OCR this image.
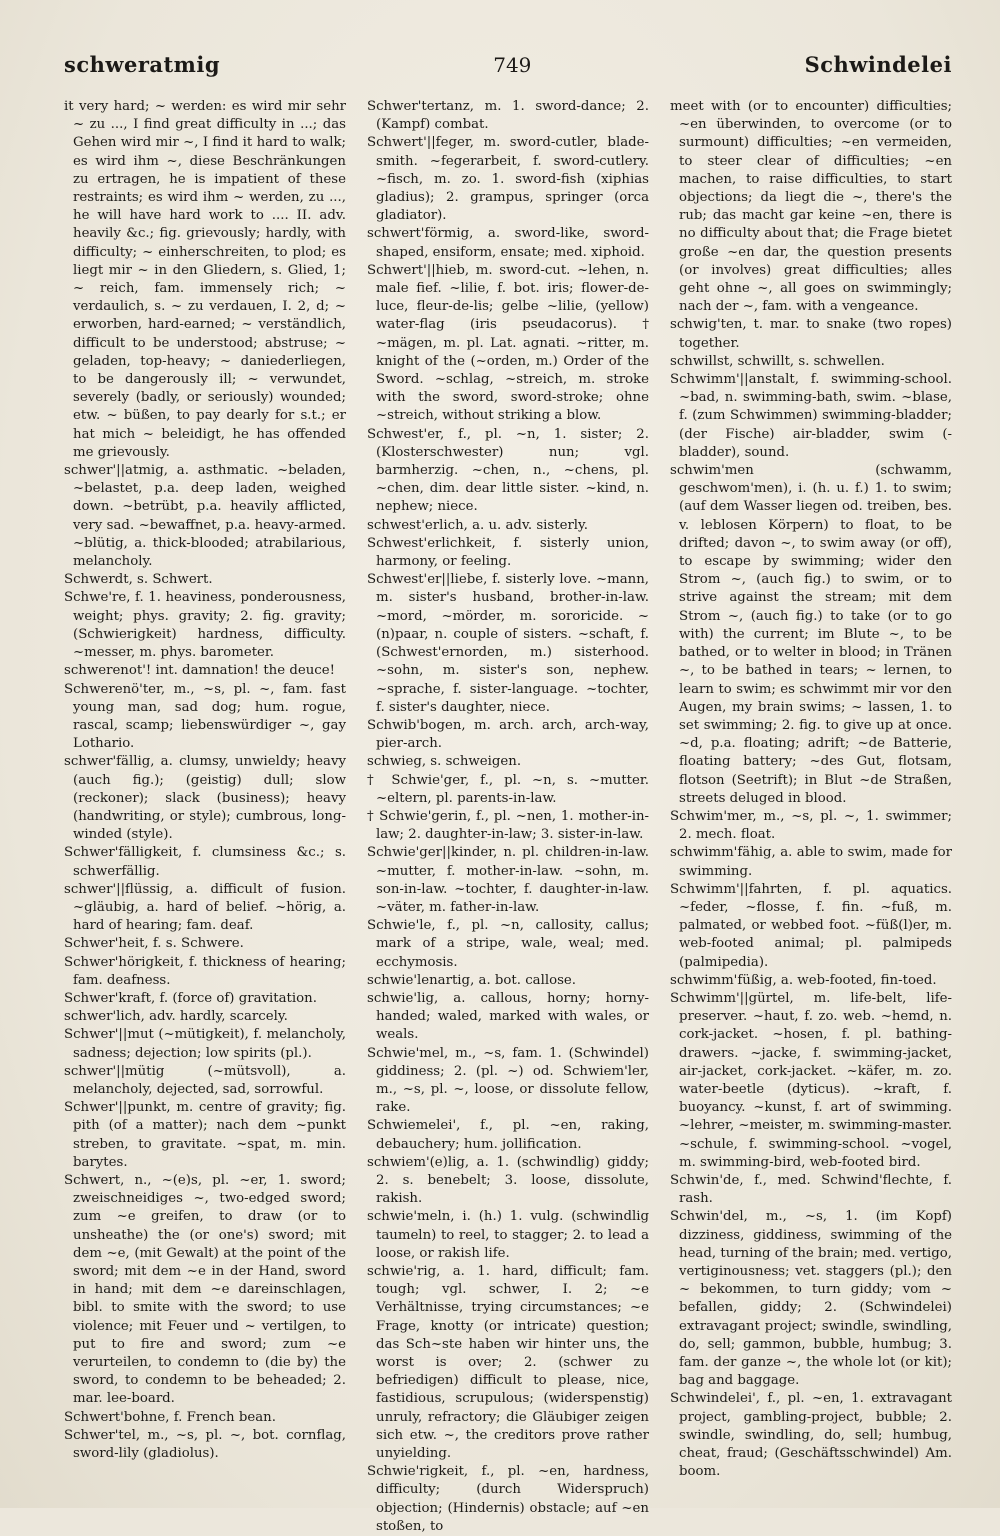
schweratmig	749	Schwindelei

it very hard; ~ werden: es wird mir sehr ~ zu ..., I find great difficulty in ...; das Gehen wird mir ~, I find it hard to walk; es wird ihm ~, diese Beschränkungen zu ertragen, he is impatient of these restraints; es wird ihm ~ werden, zu ..., he will have hard work to .... II. adv. heavily &c.; fig. grievously; hardly, with difficulty; ~ einherschreiten, to plod; es liegt mir ~ in den Gliedern, s. Glied, 1; ~ reich, fam. immensely rich; ~ verdaulich, s. ~ zu verdauen, I. 2, d; ~ erworben, hard-earned; ~ verständlich, difficult to be understood; abstruse; ~ geladen, top-heavy; ~ daniederliegen, to be dangerously ill; ~ verwundet, severely (badly, or seriously) wounded; etw. ~ büßen, to pay dearly for s.t.; er hat mich ~ beleidigt, he has offended me grievously.

schwer'||atmig, a. asthmatic. ~beladen, ~belastet, p.a. deep laden, weighed down. ~betrübt, p.a. heavily afflicted, very sad. ~bewaffnet, p.a. heavy-armed. ~blütig, a. thick-blooded; atrabilarious, melancholy.

Schwerdt, s. Schwert.

Schwe're, f. 1. heaviness, ponderousness, weight; phys. gravity; 2. fig. gravity; (Schwierigkeit) hardness, difficulty. ~messer, m. phys. barometer.

schwerenot'! int. damnation! the deuce!

Schwerenö'ter, m., ~s, pl. ~, fam. fast young man, sad dog; hum. rogue, rascal, scamp; liebenswürdiger ~, gay Lothario.

schwer'fällig, a. clumsy, unwieldy; heavy (auch fig.); (geistig) dull; slow (reckoner); slack (business); heavy (handwriting, or style); cumbrous, long-winded (style).

Schwer'fälligkeit, f. clumsiness &c.; s. schwerfällig.

schwer'||flüssig, a. difficult of fusion. ~gläubig, a. hard of belief. ~hörig, a. hard of hearing; fam. deaf.

Schwer'heit, f. s. Schwere.

Schwer'hörigkeit, f. thickness of hearing; fam. deafness.

Schwer'kraft, f. (force of) gravitation.

schwer'lich, adv. hardly, scarcely.

Schwer'||mut (~mütigkeit), f. melancholy, sadness; dejection; low spirits (pl.).

schwer'||mütig (~mütsvoll), a. melancholy, dejected, sad, sorrowful.

Schwer'||punkt, m. centre of gravity; fig. pith (of a matter); nach dem ~punkt streben, to gravitate. ~spat, m. min. barytes.

Schwert, n., ~(e)s, pl. ~er, 1. sword; zweischneidiges ~, two-edged sword; zum ~e greifen, to draw (or to unsheathe) the (or one's) sword; mit dem ~e, (mit Gewalt) at the point of the sword; mit dem ~e in der Hand, sword in hand; mit dem ~e dareinschlagen, bibl. to smite with the sword; to use violence; mit Feuer und ~ vertilgen, to put to fire and sword; zum ~e verurteilen, to condemn to (die by) the sword, to condemn to be beheaded; 2. mar. lee-board.

Schwert'bohne, f. French bean.

Schwer'tel, m., ~s, pl. ~, bot. cornflag, sword-lily (gladiolus).

Schwer'tertanz, m. 1. sword-dance; 2. (Kampf) combat.

Schwert'||feger, m. sword-cutler, blade-smith. ~fegerarbeit, f. sword-cutlery. ~fisch, m. zo. 1. sword-fish (xiphias gladius); 2. grampus, springer (orca gladiator).

schwert'förmig, a. sword-like, sword-shaped, ensiform, ensate; med. xiphoid.

Schwert'||hieb, m. sword-cut. ~lehen, n. male fief. ~lilie, f. bot. iris; flower-de-luce, fleur-de-lis; gelbe ~lilie, (yellow) water-flag (iris pseudacorus). † ~mägen, m. pl. Lat. agnati. ~ritter, m. knight of the (~orden, m.) Order of the Sword. ~schlag, ~streich, m. stroke with the sword, sword-stroke; ohne ~streich, without striking a blow.

Schwest'er, f., pl. ~n, 1. sister; 2. (Klosterschwester) nun; vgl. barmherzig. ~chen, n., ~chens, pl. ~chen, dim. dear little sister. ~kind, n. nephew; niece.

schwest'erlich, a. u. adv. sisterly.

Schwest'erlichkeit, f. sisterly union, harmony, or feeling.

Schwest'er||liebe, f. sisterly love. ~mann, m. sister's husband, brother-in-law. ~mord, ~mörder, m. sororicide. ~(n)paar, n. couple of sisters. ~schaft, f. (Schwest'ernorden, m.) sisterhood. ~sohn, m. sister's son, nephew. ~sprache, f. sister-language. ~tochter, f. sister's daughter, niece.

Schwib'bogen, m. arch. arch, arch-way, pier-arch.

schwieg, s. schweigen.

† Schwie'ger, f., pl. ~n, s. ~mutter. ~eltern, pl. parents-in-law.

† Schwie'gerin, f., pl. ~nen, 1. mother-in-law; 2. daughter-in-law; 3. sister-in-law.

Schwie'ger||kinder, n. pl. children-in-law. ~mutter, f. mother-in-law. ~sohn, m. son-in-law. ~tochter, f. daughter-in-law. ~väter, m. father-in-law.

Schwie'le, f., pl. ~n, callosity, callus; mark of a stripe, wale, weal; med. ecchymosis.

schwie'lenartig, a. bot. callose.

schwie'lig, a. callous, horny; horny-handed; waled, marked with wales, or weals.

Schwie'mel, m., ~s, fam. 1. (Schwindel) giddiness; 2. (pl. ~) od. Schwiem'ler, m., ~s, pl. ~, loose, or dissolute fellow, rake.

Schwiemelei', f., pl. ~en, raking, debauchery; hum. jollification.

schwiem'(e)lig, a. 1. (schwindlig) giddy; 2. s. benebelt; 3. loose, dissolute, rakish.

schwie'meln, i. (h.) 1. vulg. (schwindlig taumeln) to reel, to stagger; 2. to lead a loose, or rakish life.

schwie'rig, a. 1. hard, difficult; fam. tough; vgl. schwer, I. 2; ~e Verhältnisse, trying circumstances; ~e Frage, knotty (or intricate) question; das Sch~ste haben wir hinter uns, the worst is over; 2. (schwer zu befriedigen) difficult to please, nice, fastidious, scrupulous; (widerspenstig) unruly, refractory; die Gläubiger zeigen sich etw. ~, the creditors prove rather unyielding.

Schwie'rigkeit, f., pl. ~en, hardness, difficulty; (durch Widerspruch) objection; (Hindernis) obstacle; auf ~en stoßen, to

meet with (or to encounter) difficulties; ~en überwinden, to overcome (or to surmount) difficulties; ~en vermeiden, to steer clear of difficulties; ~en machen, to raise difficulties, to start objections; da liegt die ~, there's the rub; das macht gar keine ~en, there is no difficulty about that; die Frage bietet große ~en dar, the question presents (or involves) great difficulties; alles geht ohne ~, all goes on swimmingly; nach der ~, fam. with a vengeance.

schwig'ten, t. mar. to snake (two ropes) together.

schwillst, schwillt, s. schwellen.

Schwimm'||anstalt, f. swimming-school. ~bad, n. swimming-bath, swim. ~blase, f. (zum Schwimmen) swimming-bladder; (der Fische) air-bladder, swim (-bladder), sound.

schwim'men (schwamm, geschwom'men), i. (h. u. f.) 1. to swim; (auf dem Wasser liegen od. treiben, bes. v. leblosen Körpern) to float, to be drifted; davon ~, to swim away (or off), to escape by swimming; wider den Strom ~, (auch fig.) to swim, or to strive against the stream; mit dem Strom ~, (auch fig.) to take (or to go with) the current; im Blute ~, to be bathed, or to welter in blood; in Tränen ~, to be bathed in tears; ~ lernen, to learn to swim; es schwimmt mir vor den Augen, my brain swims; ~ lassen, 1. to set swimming; 2. fig. to give up at once. ~d, p.a. floating; adrift; ~de Batterie, floating battery; ~des Gut, flotsam, flotson (Seetrift); in Blut ~de Straßen, streets deluged in blood.

Schwim'mer, m., ~s, pl. ~, 1. swimmer; 2. mech. float.

schwimm'fähig, a. able to swim, made for swimming.

Schwimm'||fahrten, f. pl. aquatics. ~feder, ~flosse, f. fin. ~fuß, m. palmated, or webbed foot. ~füß(l)er, m. web-footed animal; pl. palmipeds (palmipedia).

schwimm'füßig, a. web-footed, fin-toed.

Schwimm'||gürtel, m. life-belt, life-preserver. ~haut, f. zo. web. ~hemd, n. cork-jacket. ~hosen, f. pl. bathing-drawers. ~jacke, f. swimming-jacket, air-jacket, cork-jacket. ~käfer, m. zo. water-beetle (dyticus). ~kraft, f. buoyancy. ~kunst, f. art of swimming. ~lehrer, ~meister, m. swimming-master. ~schule, f. swimming-school. ~vogel, m. swimming-bird, web-footed bird.

Schwin'de, f., med. Schwind'flechte, f. rash.

Schwin'del, m., ~s, 1. (im Kopf) dizziness, giddiness, swimming of the head, turning of the brain; med. vertigo, vertiginousness; vet. staggers (pl.); den ~ bekommen, to turn giddy; vom ~ befallen, giddy; 2. (Schwindelei) extravagant project; swindle, swindling, do, sell; gammon, bubble, humbug; 3. fam. der ganze ~, the whole lot (or kit); bag and baggage.

Schwindelei', f., pl. ~en, 1. extravagant project, gambling-project, bubble; 2. swindle, swindling, do, sell; humbug, cheat, fraud; (Geschäftsschwindel) Am. boom.
